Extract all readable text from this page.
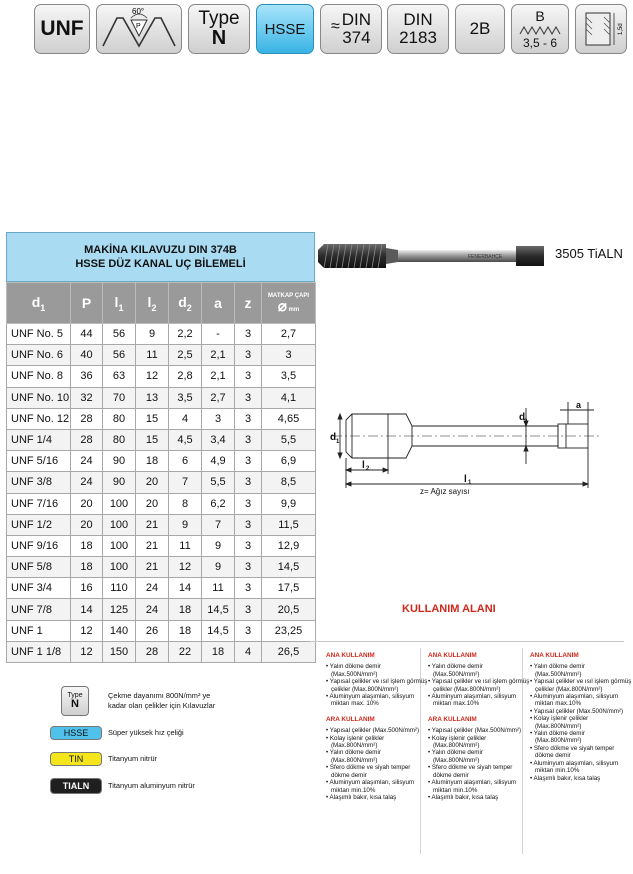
UNF
60°
P	Type
N	HSSE ≈ DIN
374
DIN
2183 2B
B
3,5 - 6
1,5d
MAKİNA KILAVUZU DIN 374B
HSSE DÜZ KANAL UÇ BİLEMELİ
$d_1$	P	$l_1$	$l_2$	$d_2$	a	z	MATKAP ÇAPI
⌀ mm

UNF No. 5	44	56	9	2,2	-	3	2,7
UNF No. 6	40	56	11	2,5	2,1	3	3
UNF No. 8	36	63	12	2,8	2,1	3	3,5
UNF No. 10	32	70	13	3,5	2,7	3	4,1
UNF No. 12	28	80	15	4	3	3	4,65
UNF 1/4	28	80	15	4,5	3,4	3	5,5
UNF 5/16	24	90	18	6	4,9	3	6,9
UNF 3/8	24	90	20	7	5,5	3	8,5
UNF 7/16	20	100	20	8	6,2	3	9,9
UNF 1/2	20	100	21	9	7	3	11,5
UNF 9/16	18	100	21	11	9	3	12,9
UNF 5/8	18	100	21	12	9	3	14,5
UNF 3/4	16	110	24	14	11	3	17,5
UNF 7/8	14	125	24	18	14,5	3	20,5
UNF 1	12	140	26	18	14,5	3	23,25
UNF 1 1/8	12	150	28	22	18	4	26,5
FENERBAHÇE	3505 TiALN
d 1
d
2
a
l 2
l 1
z= Ağız sayısı
KULLANIM ALANI
ANA KULLANIM
• Yalın dökme demir (Max.500N/mm²)
• Yapısal çelikler ve ısıl işlem görmüş çelikler (Max.800N/mm²)
• Aluminyum alaşımları, silisyum miktarı max. 10%
ARA KULLANIM
• Yapısal çelikler (Max.500N/mm²)
• Kolay işlenir çelikler (Max.800N/mm²)
• Yalın dökme demir (Max.800N/mm²)
• Sfero dökme ve siyah temper dökme demir
• Aluminyum alaşımları, silisyum miktarı min.10%
• Alaşımlı bakır, kısa talaş
ANA KULLANIM
• Yalın dökme demir (Max.500N/mm²)
• Yapısal çelikler ve ısıl işlem görmüş çelikler (Max.800N/mm²)
• Aluminyum alaşımları, silisyum miktarı max.10%
ARA KULLANIM
• Yapısal çelikler (Max.500N/mm²)
• Kolay işlenir çelikler (Max.800N/mm²)
• Yalın dökme demir (Max.800N/mm²)
• Sfero dökme ve siyah temper dökme demir
• Aluminyum alaşımları, silisyum miktarı min.10%
• Alaşımlı bakır, kısa talaş
ANA KULLANIM
• Yalın dökme demir (Max.500N/mm²)
• Yapısal çelikler ve ısıl işlem görmüş çelikler (Max.800N/mm²)
• Aluminyum alaşımları, silisyum miktarı max.10%
• Yapısal çelikler (Max.500N/mm²)
• Kolay işlenir çelikler (Max.800N/mm²)
• Yalın dökme demir (Max.800N/mm²)
• Sfero dökme ve siyah temper dökme demir
• Aluminyum alaşımları, silisyum miktarı min.10%
• Alaşımlı bakır, kısa talaş
Type
N
Çekme dayanımı 800N/mm² ye
kadar olan çelikler için Kılavuzlar
HSSE	Süper yüksek hız çeliği
TIN	Titanyum nitrür
TIALN	Titanyum aluminyum nitrür
